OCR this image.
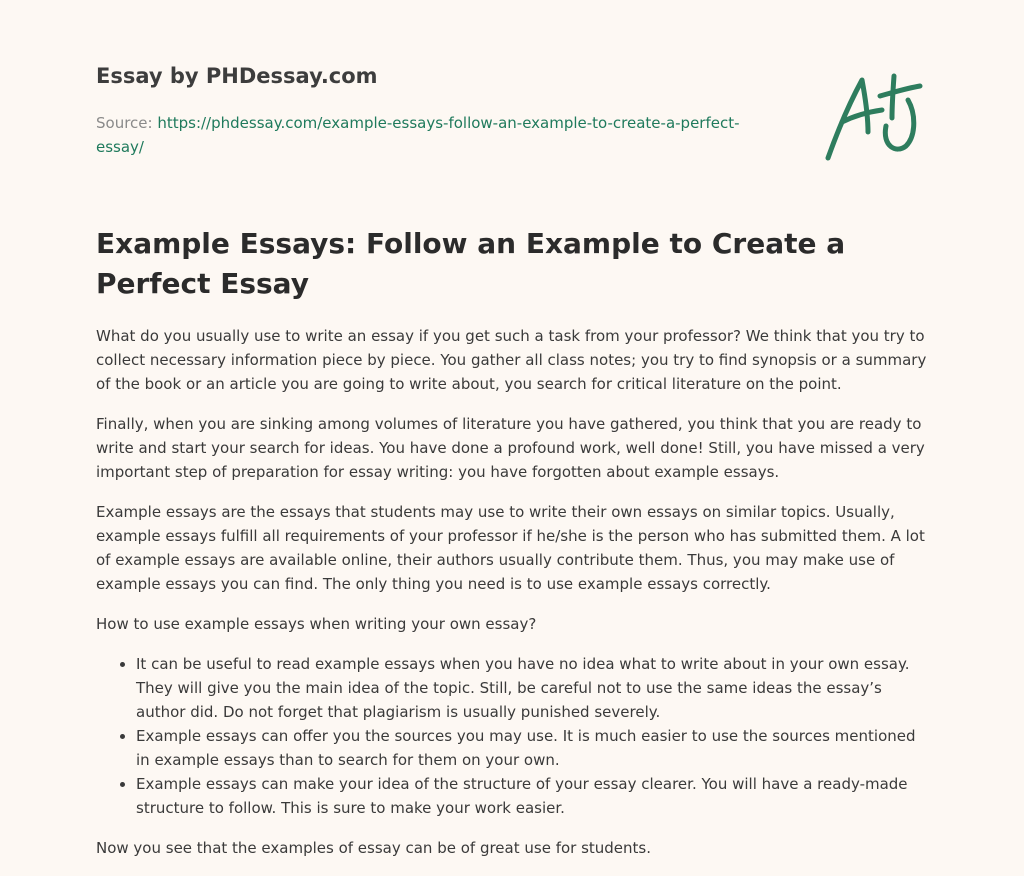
Essay by PHDessay.com
Source: https://phdessay.com/example-essays-follow-an-example-to-create-a-perfect-essay/
Example Essays: Follow an Example to Create a Perfect Essay

What do you usually use to write an essay if you get such a task from your professor? We think that you try to collect necessary information piece by piece. You gather all class notes; you try to find synopsis or a summary of the book or an article you are going to write about, you search for critical literature on the point.

Finally, when you are sinking among volumes of literature you have gathered, you think that you are ready to write and start your search for ideas. You have done a profound work, well done! Still, you have missed a very important step of preparation for essay writing: you have forgotten about example essays.

Example essays are the essays that students may use to write their own essays on similar topics. Usually, example essays fulfill all requirements of your professor if he/she is the person who has submitted them. A lot of example essays are available online, their authors usually contribute them. Thus, you may make use of example essays you can find. The only thing you need is to use example essays correctly.

How to use example essays when writing your own essay?

• It can be useful to read example essays when you have no idea what to write about in your own essay. They will give you the main idea of the topic. Still, be careful not to use the same ideas the essay’s author did. Do not forget that plagiarism is usually punished severely.
• Example essays can offer you the sources you may use. It is much easier to use the sources mentioned in example essays than to search for them on your own.
• Example essays can make your idea of the structure of your essay clearer. You will have a ready-made structure to follow. This is sure to make your work easier.

Now you see that the examples of essay can be of great use for students.
